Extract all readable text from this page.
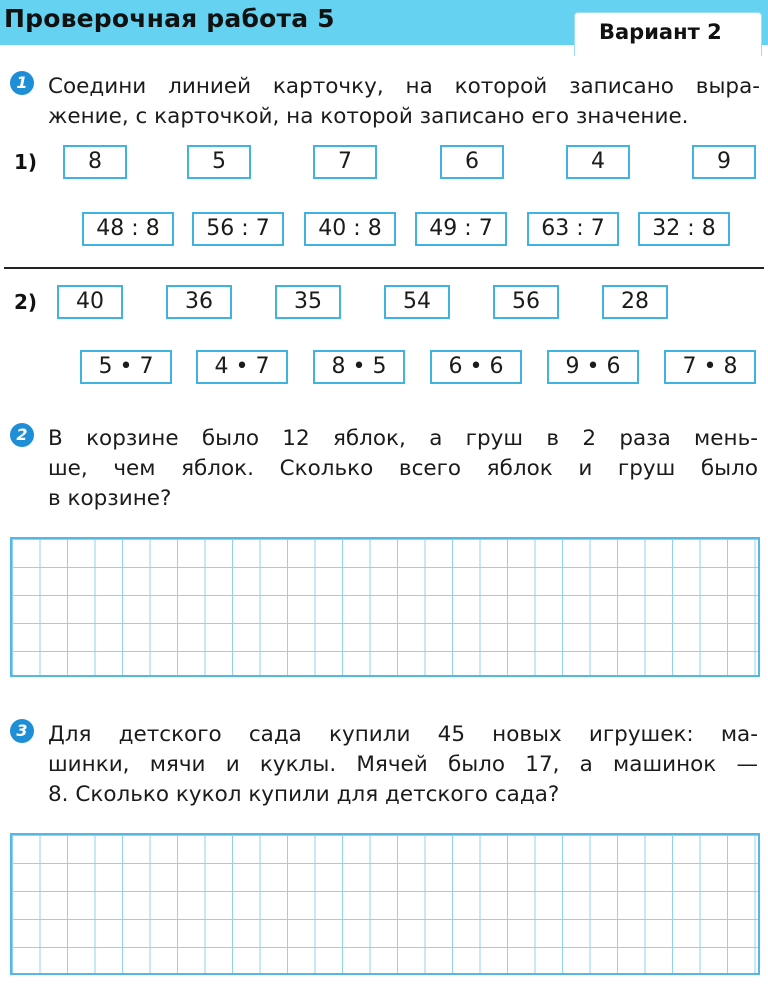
Проверочная работа 5	Вариант 2
1 Соедини линией карточку, на которой записано выра-
жение, с карточкой, на которой записано его значение.
1)	8	5	7	6	4	9
48 : 8	56 : 7	40 : 8	49 : 7	63 : 7	32 : 8
2)	40	36	35	54	56	28
5 • 7	4 • 7	8 • 5	6 • 6	9 • 6	7 • 8
2 В корзине было 12 яблок, а груш в 2 раза мень-
ше, чем яблок. Сколько всего яблок и груш было
в корзине?
3 Для детского сада купили 45 новых игрушек: ма-
шинки, мячи и куклы. Мячей было 17, а машинок —
8. Сколько кукол купили для детского сада?
